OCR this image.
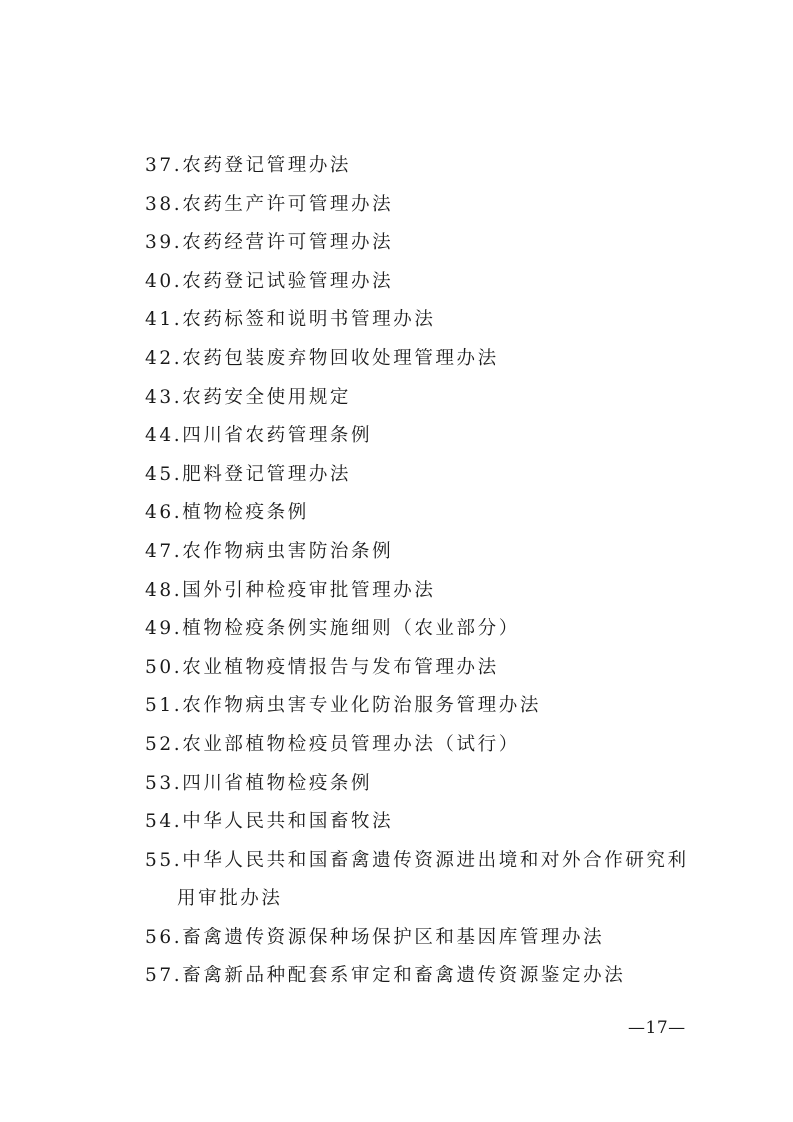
37.农药登记管理办法
38.农药生产许可管理办法
39.农药经营许可管理办法
40.农药登记试验管理办法
41.农药标签和说明书管理办法
42.农药包装废弃物回收处理管理办法
43.农药安全使用规定
44.四川省农药管理条例
45.肥料登记管理办法
46.植物检疫条例
47.农作物病虫害防治条例
48.国外引种检疫审批管理办法
49.植物检疫条例实施细则（农业部分）
50.农业植物疫情报告与发布管理办法
51.农作物病虫害专业化防治服务管理办法
52.农业部植物检疫员管理办法（试行）
53.四川省植物检疫条例
54.中华人民共和国畜牧法
55.中华人民共和国畜禽遗传资源进出境和对外合作研究利
用审批办法
56.畜禽遗传资源保种场保护区和基因库管理办法
57.畜禽新品种配套系审定和畜禽遗传资源鉴定办法
—17—
